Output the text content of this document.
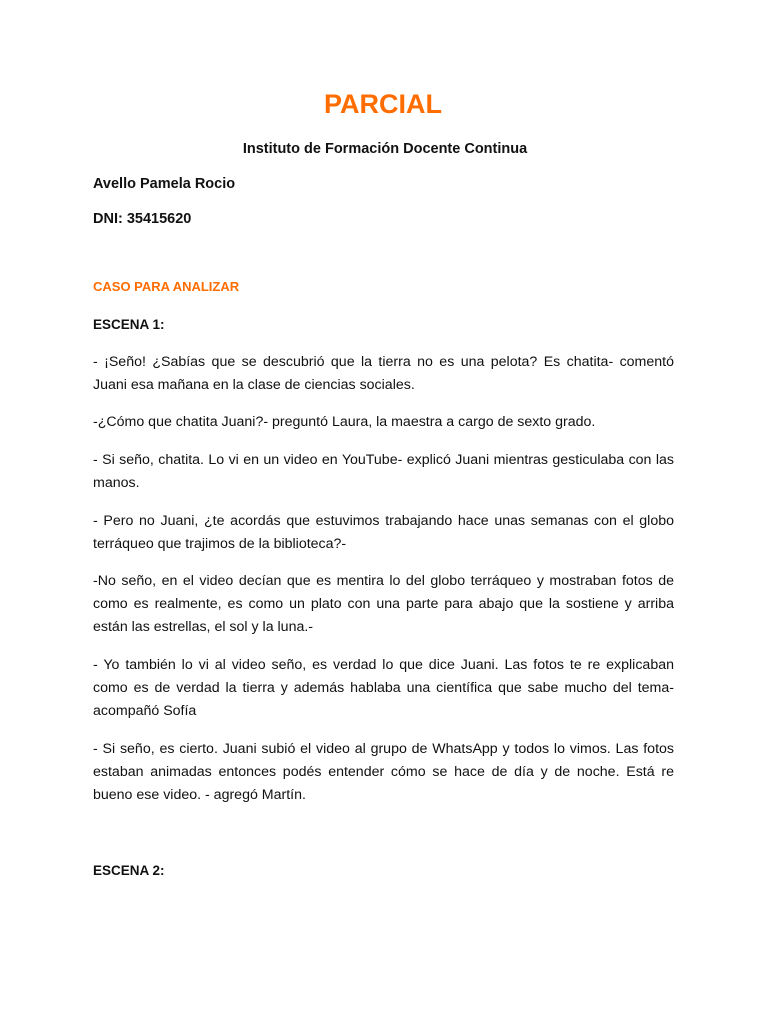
PARCIAL

Instituto de Formación Docente Continua

Avello Pamela Rocio

DNI: 35415620

CASO PARA ANALIZAR

ESCENA 1:

- ¡Seño! ¿Sabías que se descubrió que la tierra no es una pelota? Es chatita- comentó Juani esa mañana en la clase de ciencias sociales.

-¿Cómo que chatita Juani?- preguntó Laura, la maestra a cargo de sexto grado.

- Si seño, chatita. Lo vi en un video en YouTube- explicó Juani mientras gesticulaba con las manos.

- Pero no Juani, ¿te acordás que estuvimos trabajando hace unas semanas con el globo terráqueo que trajimos de la biblioteca?-

-No seño, en el video decían que es mentira lo del globo terráqueo y mostraban fotos de como es realmente, es como un plato con una parte para abajo que la sostiene y arriba están las estrellas, el sol y la luna.-

- Yo también lo vi al video seño, es verdad lo que dice Juani. Las fotos te re explicaban como es de verdad la tierra y además hablaba una científica que sabe mucho del tema- acompañó Sofía

- Si seño, es cierto. Juani subió el video al grupo de WhatsApp y todos lo vimos. Las fotos estaban animadas entonces podés entender cómo se hace de día y de noche. Está re bueno ese video. - agregó Martín.

ESCENA 2:
